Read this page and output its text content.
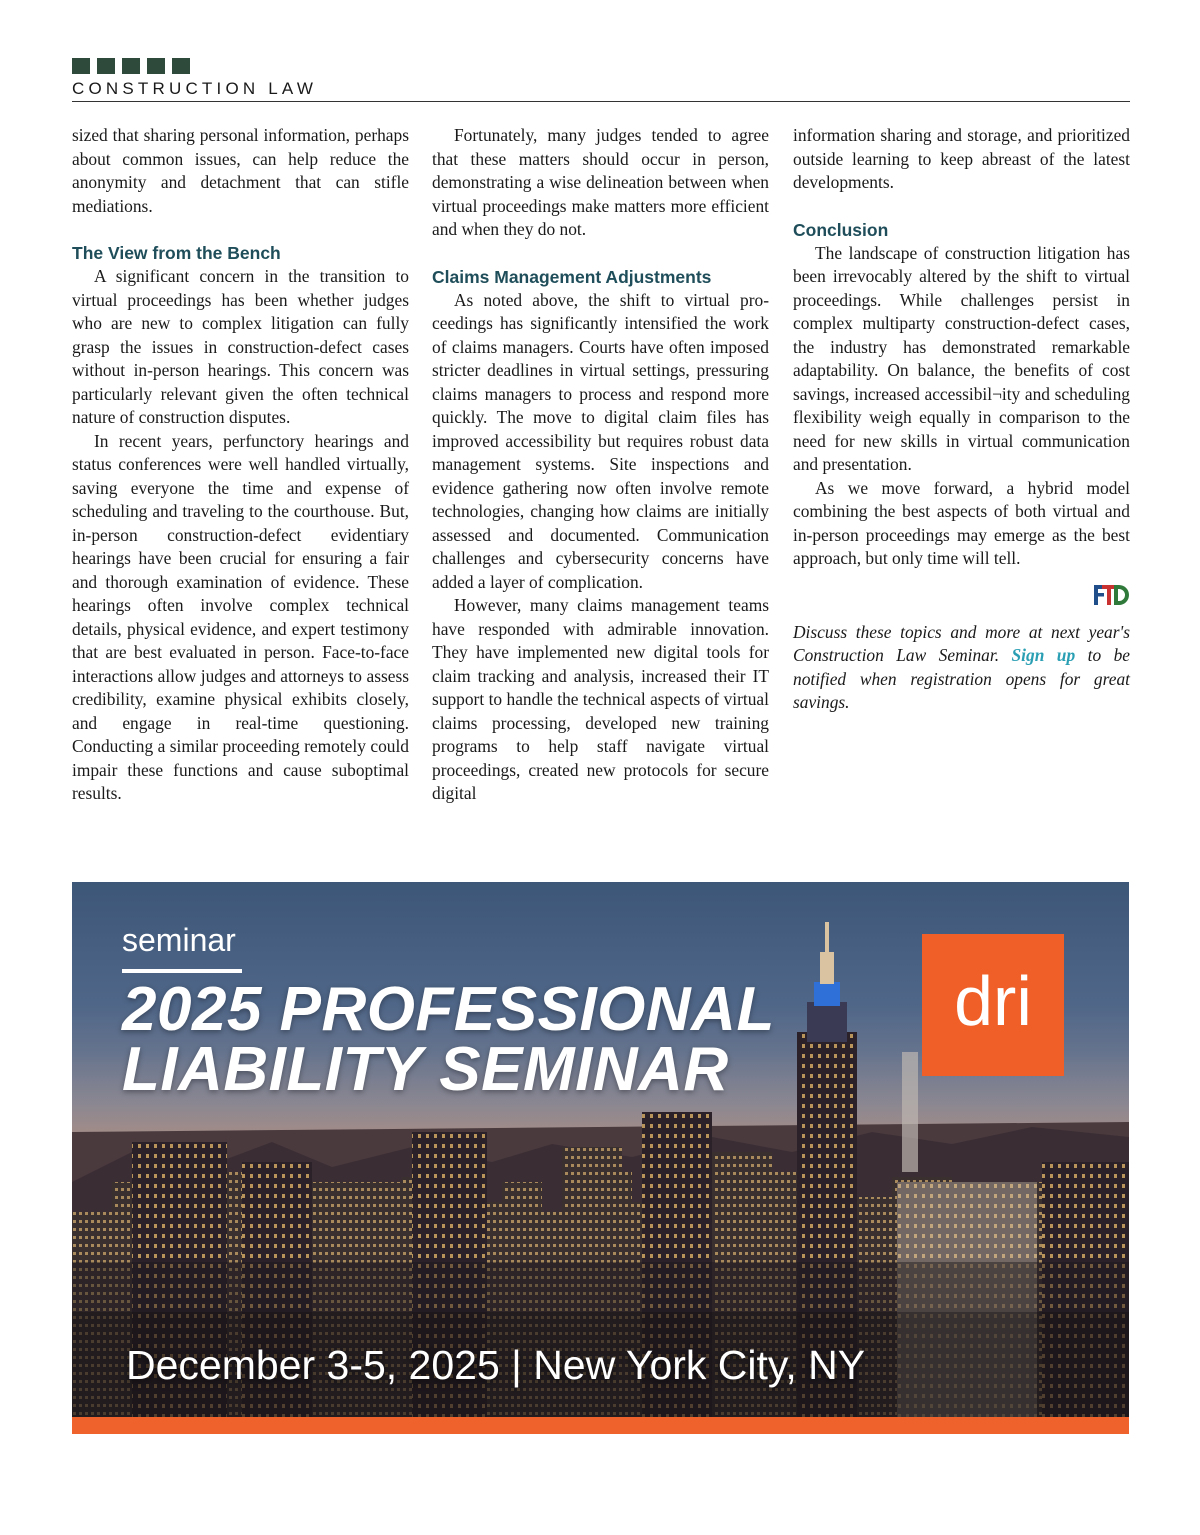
CONSTRUCTION LAW

sized that sharing personal information, perhaps about common issues, can help reduce the anonymity and detachment that can stifle mediations.

The View from the Bench

A significant concern in the transition to virtual proceedings has been whether judges who are new to complex litigation can fully grasp the issues in construction-defect cases without in-person hearings. This concern was particularly relevant given the often technical nature of construction disputes.

In recent years, perfunctory hearings and status conferences were well handled virtually, saving everyone the time and expense of scheduling and traveling to the courthouse. But, in-person construction-defect evidentiary hearings have been crucial for ensuring a fair and thorough examination of evidence. These hearings often involve complex technical details, physical evidence, and expert testimony that are best evaluated in person. Face-to-face interactions allow judges and attorneys to assess credibility, examine physical exhibits closely, and engage in real-time questioning. Conducting a similar proceeding remotely could impair these functions and cause suboptimal results.

Fortunately, many judges tended to agree that these matters should occur in person, demonstrating a wise delineation between when virtual proceedings make matters more efficient and when they do not.

Claims Management Adjustments

As noted above, the shift to virtual proceedings has significantly intensified the work of claims managers. Courts have often imposed stricter deadlines in virtual settings, pressuring claims managers to process and respond more quickly. The move to digital claim files has improved accessibility but requires robust data management systems. Site inspections and evidence gathering now often involve remote technologies, changing how claims are initially assessed and documented. Communication challenges and cybersecurity concerns have added a layer of complication.

However, many claims management teams have responded with admirable innovation. They have implemented new digital tools for claim tracking and analysis, increased their IT support to handle the technical aspects of virtual claims processing, developed new training programs to help staff navigate virtual proceedings, created new protocols for secure digital

information sharing and storage, and prioritized outside learning to keep abreast of the latest developments.

Conclusion

The landscape of construction litigation has been irrevocably altered by the shift to virtual proceedings. While challenges persist in complex multiparty construction-defect cases, the industry has demonstrated remarkable adaptability. On balance, the benefits of cost savings, increased accessibil¬ity and scheduling flexibility weigh equally in comparison to the need for new skills in virtual communication and presentation.

As we move forward, a hybrid model combining the best aspects of both virtual and in-person proceedings may emerge as the best approach, but only time will tell.

Discuss these topics and more at next year's Construction Law Seminar. Sign up to be notified when registration opens for great savings.

seminar
2025 PROFESSIONAL
LIABILITY SEMINAR
dri
December 3-5, 2025 | New York City, NY
